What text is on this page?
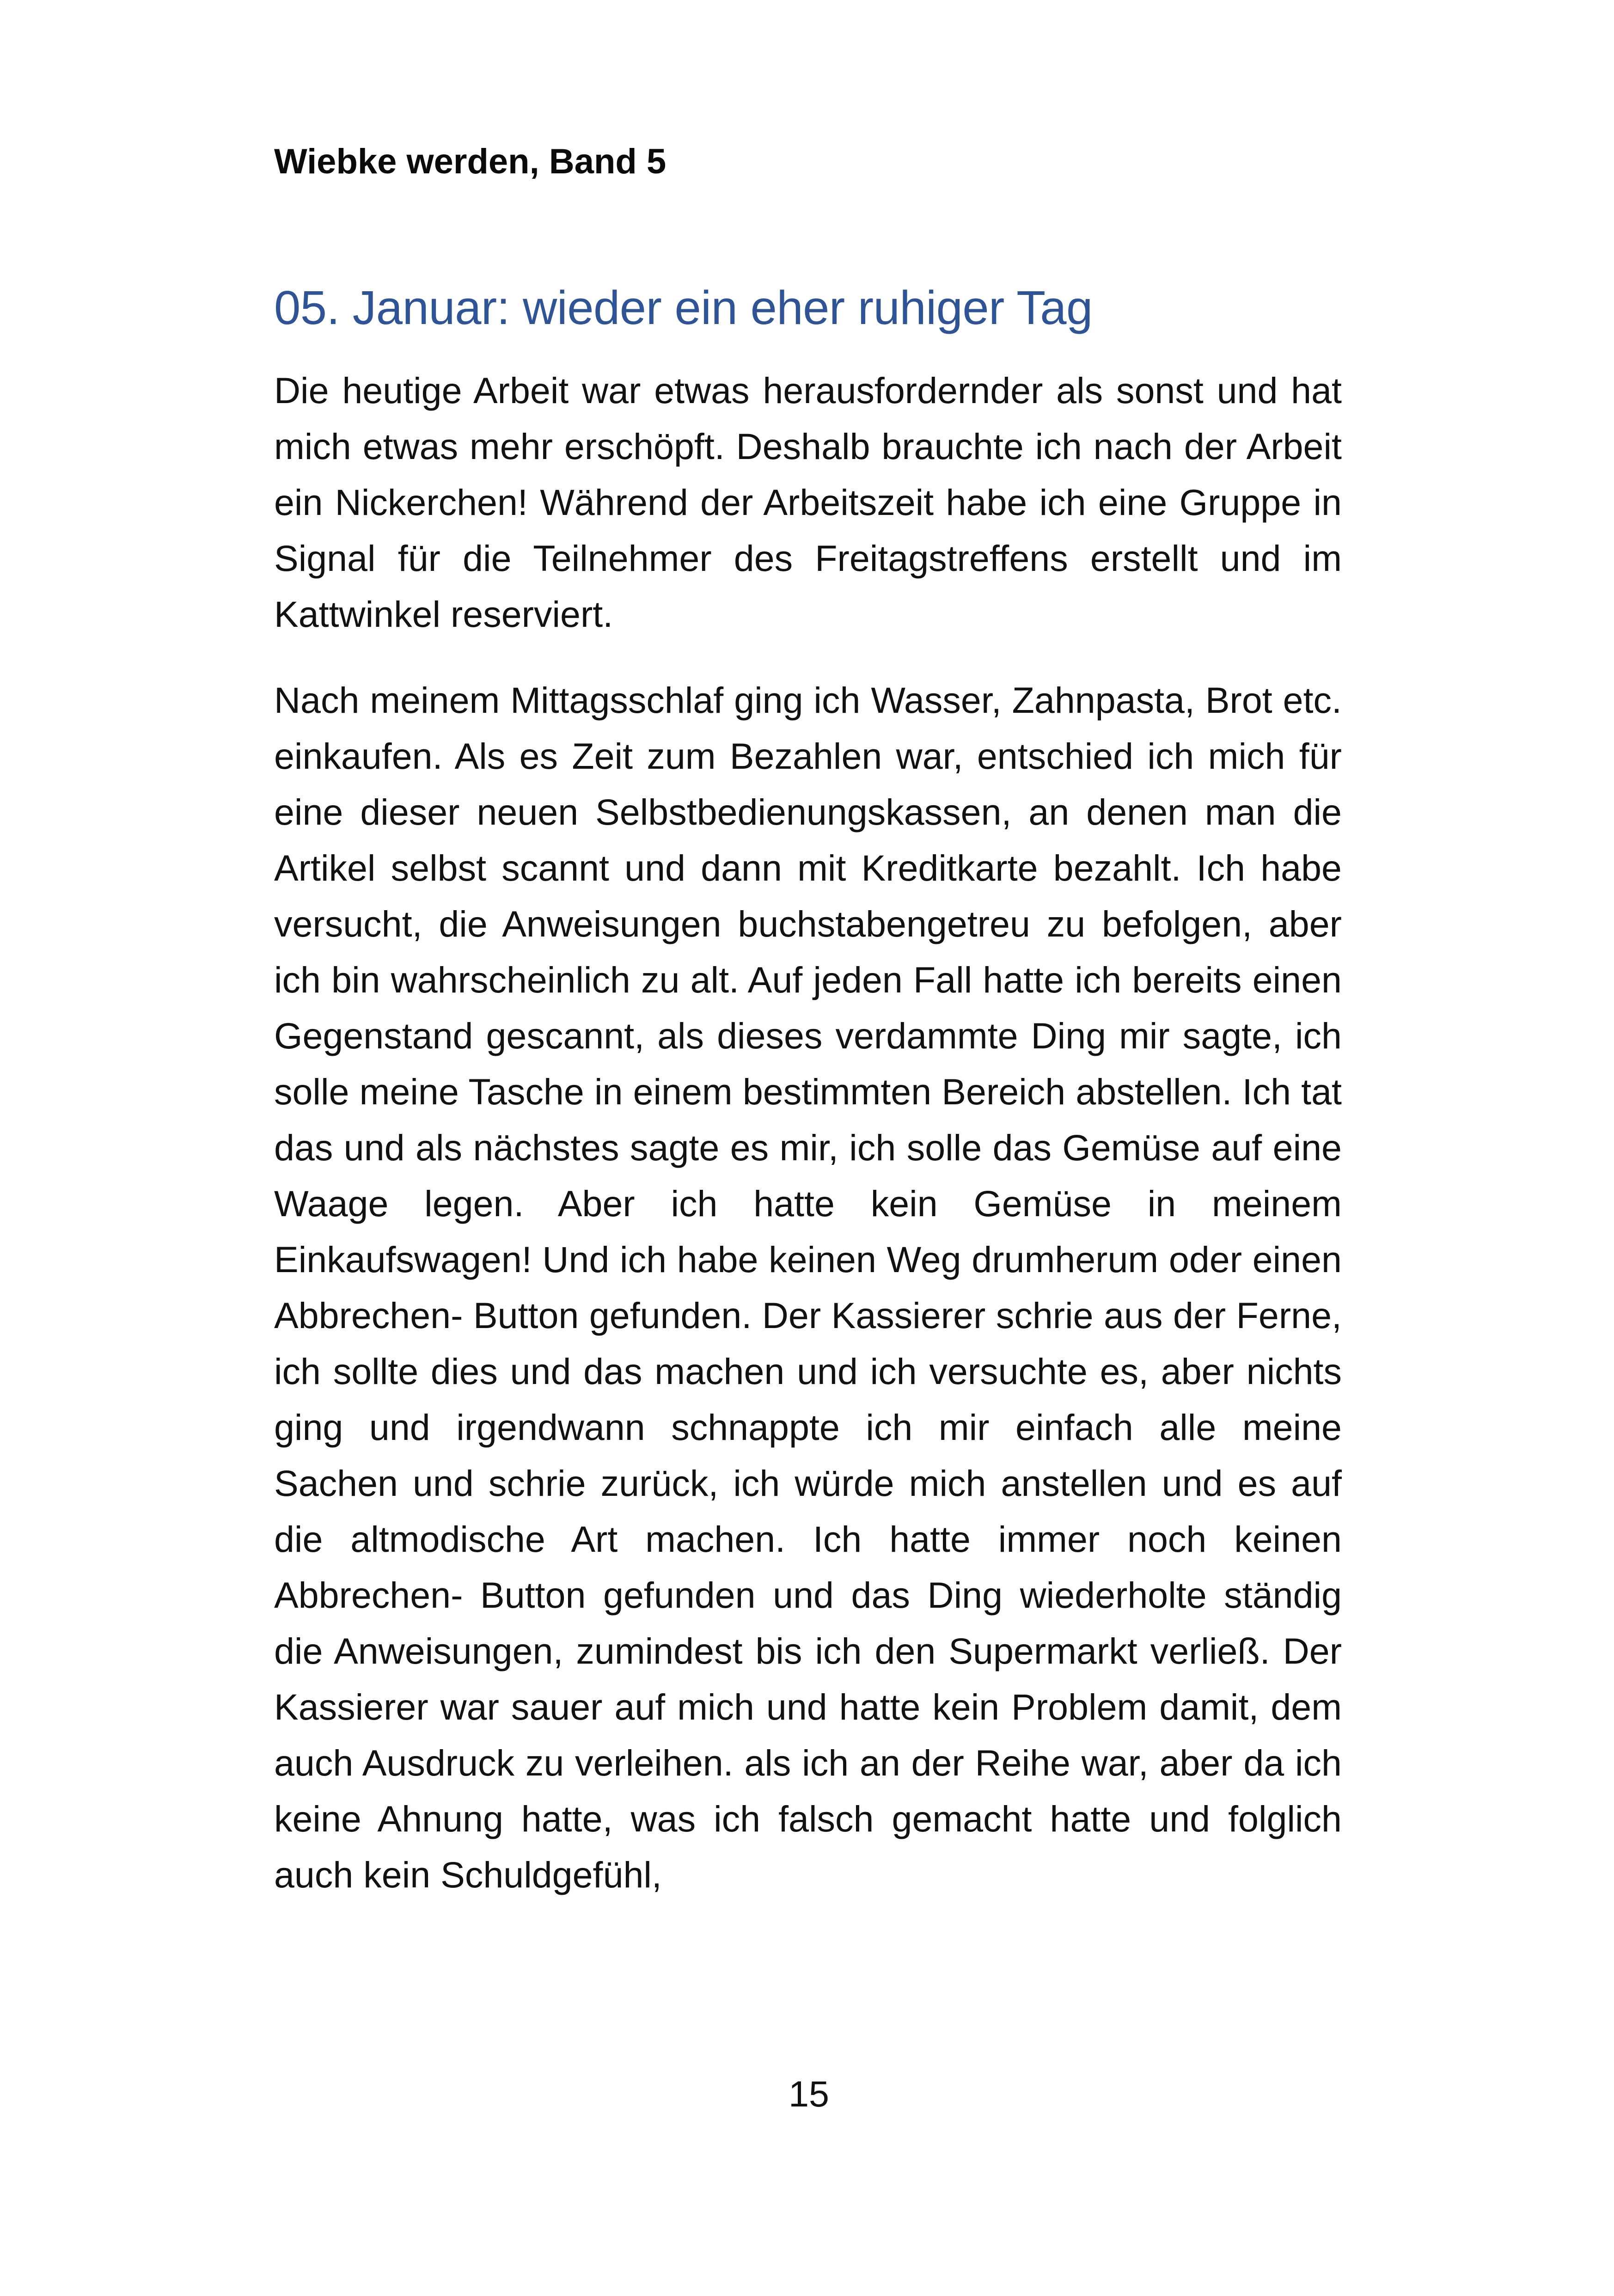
Wiebke werden, Band 5

05. Januar: wieder ein eher ruhiger Tag

Die heutige Arbeit war etwas herausfordernder als sonst und hat mich etwas mehr erschöpft. Deshalb brauchte ich nach der Arbeit ein Nickerchen! Während der Arbeitszeit habe ich eine Gruppe in Signal für die Teilnehmer des Freitagstreffens erstellt und im Kattwinkel reserviert.

Nach meinem Mittagsschlaf ging ich Wasser, Zahnpasta, Brot etc. einkaufen. Als es Zeit zum Bezahlen war, entschied ich mich für eine dieser neuen Selbstbedienungskassen, an denen man die Artikel selbst scannt und dann mit Kreditkarte bezahlt. Ich habe versucht, die Anweisungen buchstabengetreu zu befolgen, aber ich bin wahrscheinlich zu alt. Auf jeden Fall hatte ich bereits einen Gegenstand gescannt, als dieses verdammte Ding mir sagte, ich solle meine Tasche in einem bestimmten Bereich abstellen. Ich tat das und als nächstes sagte es mir, ich solle das Gemüse auf eine Waage legen. Aber ich hatte kein Gemüse in meinem Einkaufswagen! Und ich habe keinen Weg drumherum oder einen Abbrechen- Button gefunden. Der Kassierer schrie aus der Ferne, ich sollte dies und das machen und ich versuchte es, aber nichts ging und irgendwann schnappte ich mir einfach alle meine Sachen und schrie zurück, ich würde mich anstellen und es auf die altmodische Art machen. Ich hatte immer noch keinen Abbrechen- Button gefunden und das Ding wiederholte ständig die Anweisungen, zumindest bis ich den Supermarkt verließ. Der Kassierer war sauer auf mich und hatte kein Problem damit, dem auch Ausdruck zu verleihen. als ich an der Reihe war, aber da ich keine Ahnung hatte, was ich falsch gemacht hatte und folglich auch kein Schuldgefühl,

15
